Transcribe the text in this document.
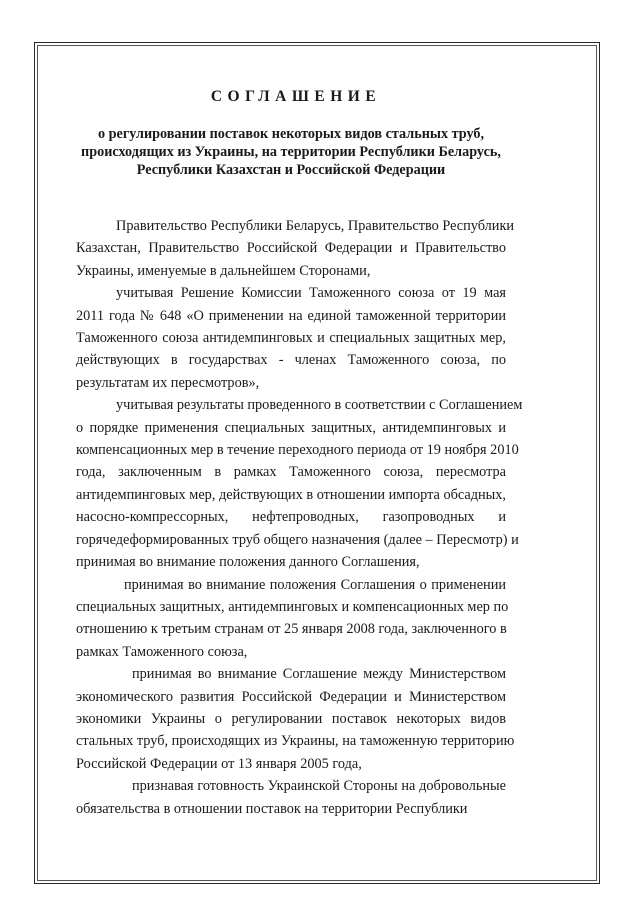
СОГЛАШЕНИЕ
о регулировании поставок некоторых видов стальных труб,
происходящих из Украины, на территории Республики Беларусь,
Республики Казахстан и Российской Федерации
Правительство Республики Беларусь, Правительство Республики
Казахстан, Правительство Российской Федерации и Правительство
Украины, именуемые в дальнейшем Сторонами,
учитывая Решение Комиссии Таможенного союза от 19 мая
2011 года № 648 «О применении на единой таможенной территории
Таможенного союза антидемпинговых и специальных защитных мер,
действующих в государствах - членах Таможенного союза, по
результатам их пересмотров»,
учитывая результаты проведенного в соответствии с Соглашением
о порядке применения специальных защитных, антидемпинговых и
компенсационных мер в течение переходного периода от 19 ноября 2010
года, заключенным в рамках Таможенного союза, пересмотра
антидемпинговых мер, действующих в отношении импорта обсадных,
насосно-компрессорных, нефтепроводных, газопроводных и
горячедеформированных труб общего назначения (далее – Пересмотр) и
принимая во внимание положения данного Соглашения,
принимая во внимание положения Соглашения о применении
специальных защитных, антидемпинговых и компенсационных мер по
отношению к третьим странам от 25 января 2008 года, заключенного в
рамках Таможенного союза,
принимая во внимание Соглашение между Министерством
экономического развития Российской Федерации и Министерством
экономики Украины о регулировании поставок некоторых видов
стальных труб, происходящих из Украины, на таможенную территорию
Российской Федерации от 13 января 2005 года,
признавая готовность Украинской Стороны на добровольные
обязательства в отношении поставок на территории Республики
